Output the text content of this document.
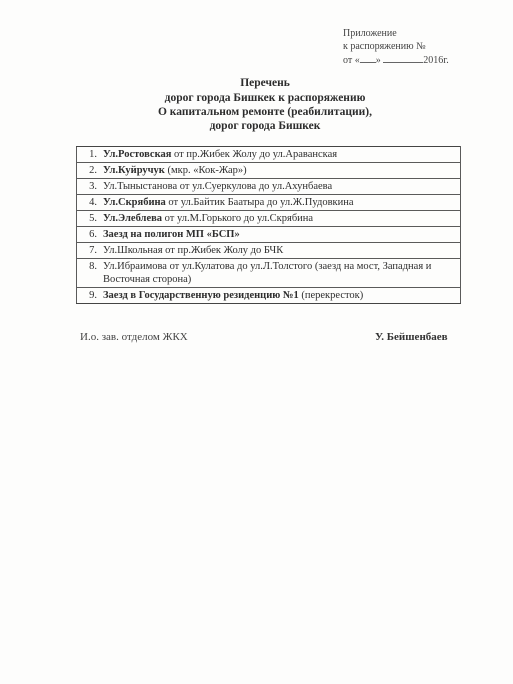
Приложение
к распоряжению №
от « »	2016г.
Перечень
дорог города Бишкек к распоряжению
О капитальном ремонте (реабилитации),
дорог города Бишкек
1.	Ул.Ростовская от пр.Жибек Жолу до ул.Араванская
2.	Ул.Куйручук (мкр. «Кок-Жар»)
3.	Ул.Тыныстанова от ул.Суеркулова до ул.Ахунбаева
4.	Ул.Скрябина от ул.Байтик Баатыра до ул.Ж.Пудовкина
5.	Ул.Элеблева от ул.М.Горького до ул.Скрябина
6.	Заезд на полигон МП «БСП»
7.	Ул.Школьная от пр.Жибек Жолу до БЧК
8.	Ул.Ибраимова от ул.Кулатова до ул.Л.Толстого (заезд на мост, Западная и Восточная сторона)
9.	Заезд в Государственную резиденцию №1 (перекресток)
И.о. зав. отделом ЖКХ	У. Бейшенбаев
